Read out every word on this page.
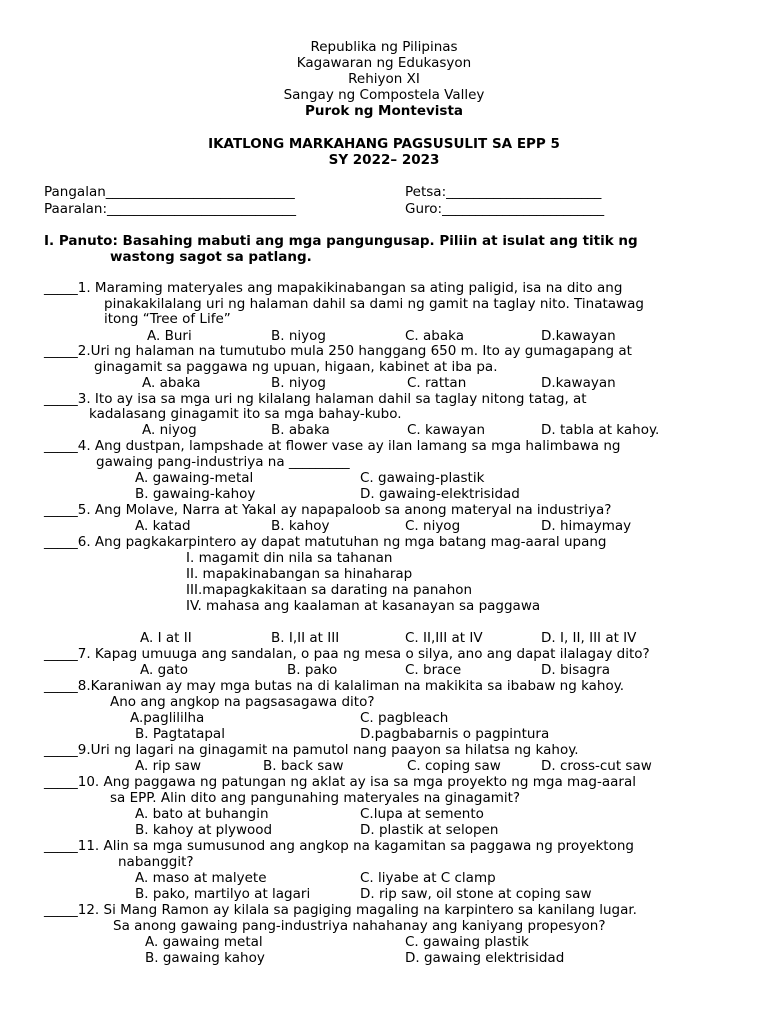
Republika ng Pilipinas
Kagawaran ng Edukasyon
Rehiyon XI
Sangay ng Compostela Valley
Purok ng Montevista
IKATLONG MARKAHANG PAGSUSULIT SA EPP 5
SY 2022– 2023
Pangalan____________________________	Petsa:_______________________
Paaralan:____________________________	Guro:________________________
I. Panuto: Basahing mabuti ang mga pangungusap. Piliin at isulat ang titik ng
wastong sagot sa patlang.
_____1. Maraming materyales ang mapakikinabangan sa ating paligid, isa na dito ang
pinakakilalang uri ng halaman dahil sa dami ng gamit na taglay nito. Tinatawag
itong “Tree of Life”
A. Buri	B. niyog	C. abaka	D.kawayan
_____2.Uri ng halaman na tumutubo mula 250 hanggang 650 m. Ito ay gumagapang at
ginagamit sa paggawa ng upuan, higaan, kabinet at iba pa.
A. abaka	B. niyog	C. rattan	D.kawayan
_____3. Ito ay isa sa mga uri ng kilalang halaman dahil sa taglay nitong tatag, at
kadalasang ginagamit ito sa mga bahay-kubo.
A. niyog	B. abaka	C. kawayan	D. tabla at kahoy.
_____4. Ang dustpan, lampshade at flower vase ay ilan lamang sa mga halimbawa ng
gawaing pang-industriya na _________
A. gawaing-metal	C. gawaing-plastik
B. gawaing-kahoy	D. gawaing-elektrisidad
_____5. Ang Molave, Narra at Yakal ay napapaloob sa anong materyal na industriya?
A. katad	B. kahoy	C. niyog	D. himaymay
_____6. Ang pagkakarpintero ay dapat matutuhan ng mga batang mag-aaral upang
I. magamit din nila sa tahanan
II. mapakinabangan sa hinaharap
III.mapagkakitaan sa darating na panahon
IV. mahasa ang kaalaman at kasanayan sa paggawa
A. I at II	B. I,II at III	C. II,III at IV	D. I, II, III at IV
_____7. Kapag umuuga ang sandalan, o paa ng mesa o silya, ano ang dapat ilalagay dito?
A. gato	B. pako	C. brace	D. bisagra
_____8.Karaniwan ay may mga butas na di kalaliman na makikita sa ibabaw ng kahoy.
Ano ang angkop na pagsasagawa dito?
A.paglililha	C. pagbleach
B. Pagtatapal	D.pagbabarnis o pagpintura
_____9.Uri ng lagari na ginagamit na pamutol nang paayon sa hilatsa ng kahoy.
A. rip saw	B. back saw	C. coping saw	D. cross-cut saw
_____10. Ang paggawa ng patungan ng aklat ay isa sa mga proyekto ng mga mag-aaral
sa EPP. Alin dito ang pangunahing materyales na ginagamit?
A. bato at buhangin	C.lupa at semento
B. kahoy at plywood	D. plastik at selopen
_____11. Alin sa mga sumusunod ang angkop na kagamitan sa paggawa ng proyektong
nabanggit?
A. maso at malyete	C. liyabe at C clamp
B. pako, martilyo at lagari	D. rip saw, oil stone at coping saw
_____12. Si Mang Ramon ay kilala sa pagiging magaling na karpintero sa kanilang lugar.
Sa anong gawaing pang-industriya nahahanay ang kaniyang propesyon?
A. gawaing metal	C. gawaing plastik
B. gawaing kahoy	D. gawaing elektrisidad
